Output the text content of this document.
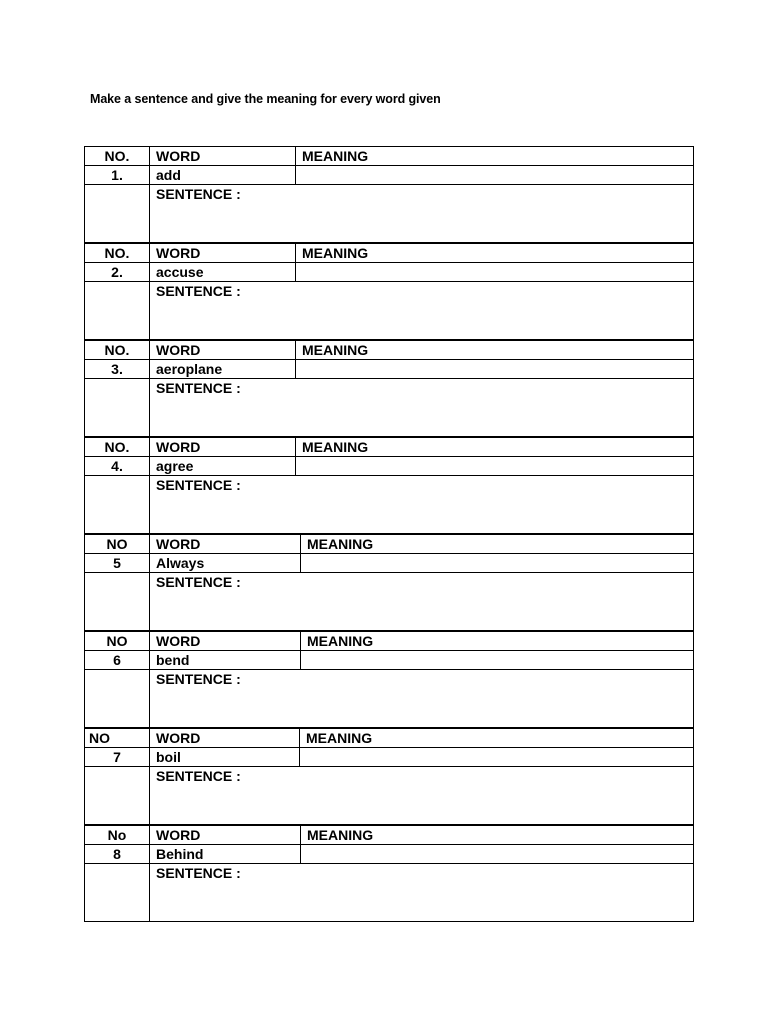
Make a sentence and give the meaning for every word given
NO.	WORD	MEANING
1.	add	
	SENTENCE :	
NO.	WORD	MEANING
2.	accuse	
	SENTENCE :	
NO.	WORD	MEANING
3.	aeroplane	
	SENTENCE :	
NO.	WORD	MEANING
4.	agree	
	SENTENCE :	
NO	WORD	MEANING
5	Always	
	SENTENCE :	
NO	WORD	MEANING
6	bend	
	SENTENCE :	
NO	WORD	MEANING
7	boil	
	SENTENCE :	
No	WORD	MEANING
8	Behind	
	SENTENCE :	
